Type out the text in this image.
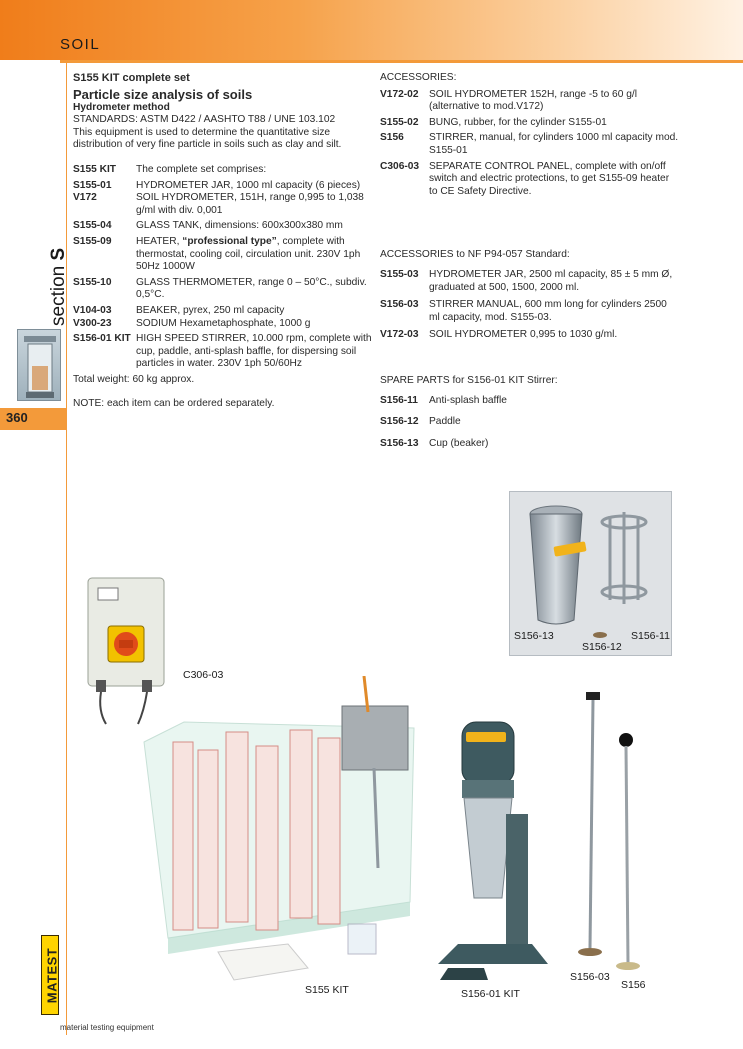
SOIL
section S
360
S155 KIT complete set
Particle size analysis of soils
Hydrometer method
STANDARDS: ASTM D422 / AASHTO T88 / UNE 103.102
This equipment is used to determine the quantitative size distribution of very fine particle in soils such as clay and silt.
S155 KIT	The complete set comprises:
S155-01	HYDROMETER JAR, 1000 ml capacity (6 pieces)
V172	SOIL HYDROMETER, 151H, range 0,995 to 1,038 g/ml with div. 0,001
S155-04	GLASS TANK, dimensions: 600x300x380 mm
S155-09	HEATER, “professional type”, complete with thermostat, cooling coil, circulation unit. 230V 1ph 50Hz 1000W
S155-10	GLASS THERMOMETER, range 0 – 50°C., subdiv. 0,5°C.
V104-03	BEAKER, pyrex, 250 ml capacity
V300-23	SODIUM Hexametaphosphate, 1000 g
S156-01 KIT HIGH SPEED STIRRER, 10.000 rpm, complete with cup, paddle, anti-splash baffle, for dispersing soil particles in water. 230V 1ph 50/60Hz
Total weight: 60 kg approx.
NOTE: each item can be ordered separately.
ACCESSORIES:
V172-02	SOIL HYDROMETER 152H, range -5 to 60 g/l (alternative to mod.V172)
S155-02	BUNG, rubber, for the cylinder S155-01
S156	STIRRER, manual, for cylinders 1000 ml capacity mod. S155-01
C306-03 SEPARATE CONTROL PANEL, complete with on/off switch and electric protections, to get S155-09 heater to CE Safety Directive.
ACCESSORIES to NF P94-057 Standard:
S155-03	HYDROMETER JAR, 2500 ml capacity, 85 ± 5 mm Ø, graduated at 500, 1500, 2000 ml.
S156-03	STIRRER MANUAL, 600 mm long for cylinders 2500 ml capacity, mod. S155-03.
V172-03	SOIL HYDROMETER 0,995 to 1030 g/ml.
SPARE PARTS for S156-01 KIT Stirrer:
S156-11	Anti-splash baffle
S156-12	Paddle
S156-13	Cup (beaker)
S156-13
S156-12
S156-11
C306-03
S155 KIT	S156-01 KIT
S156-03
S156
MATEST
material testing equipment
